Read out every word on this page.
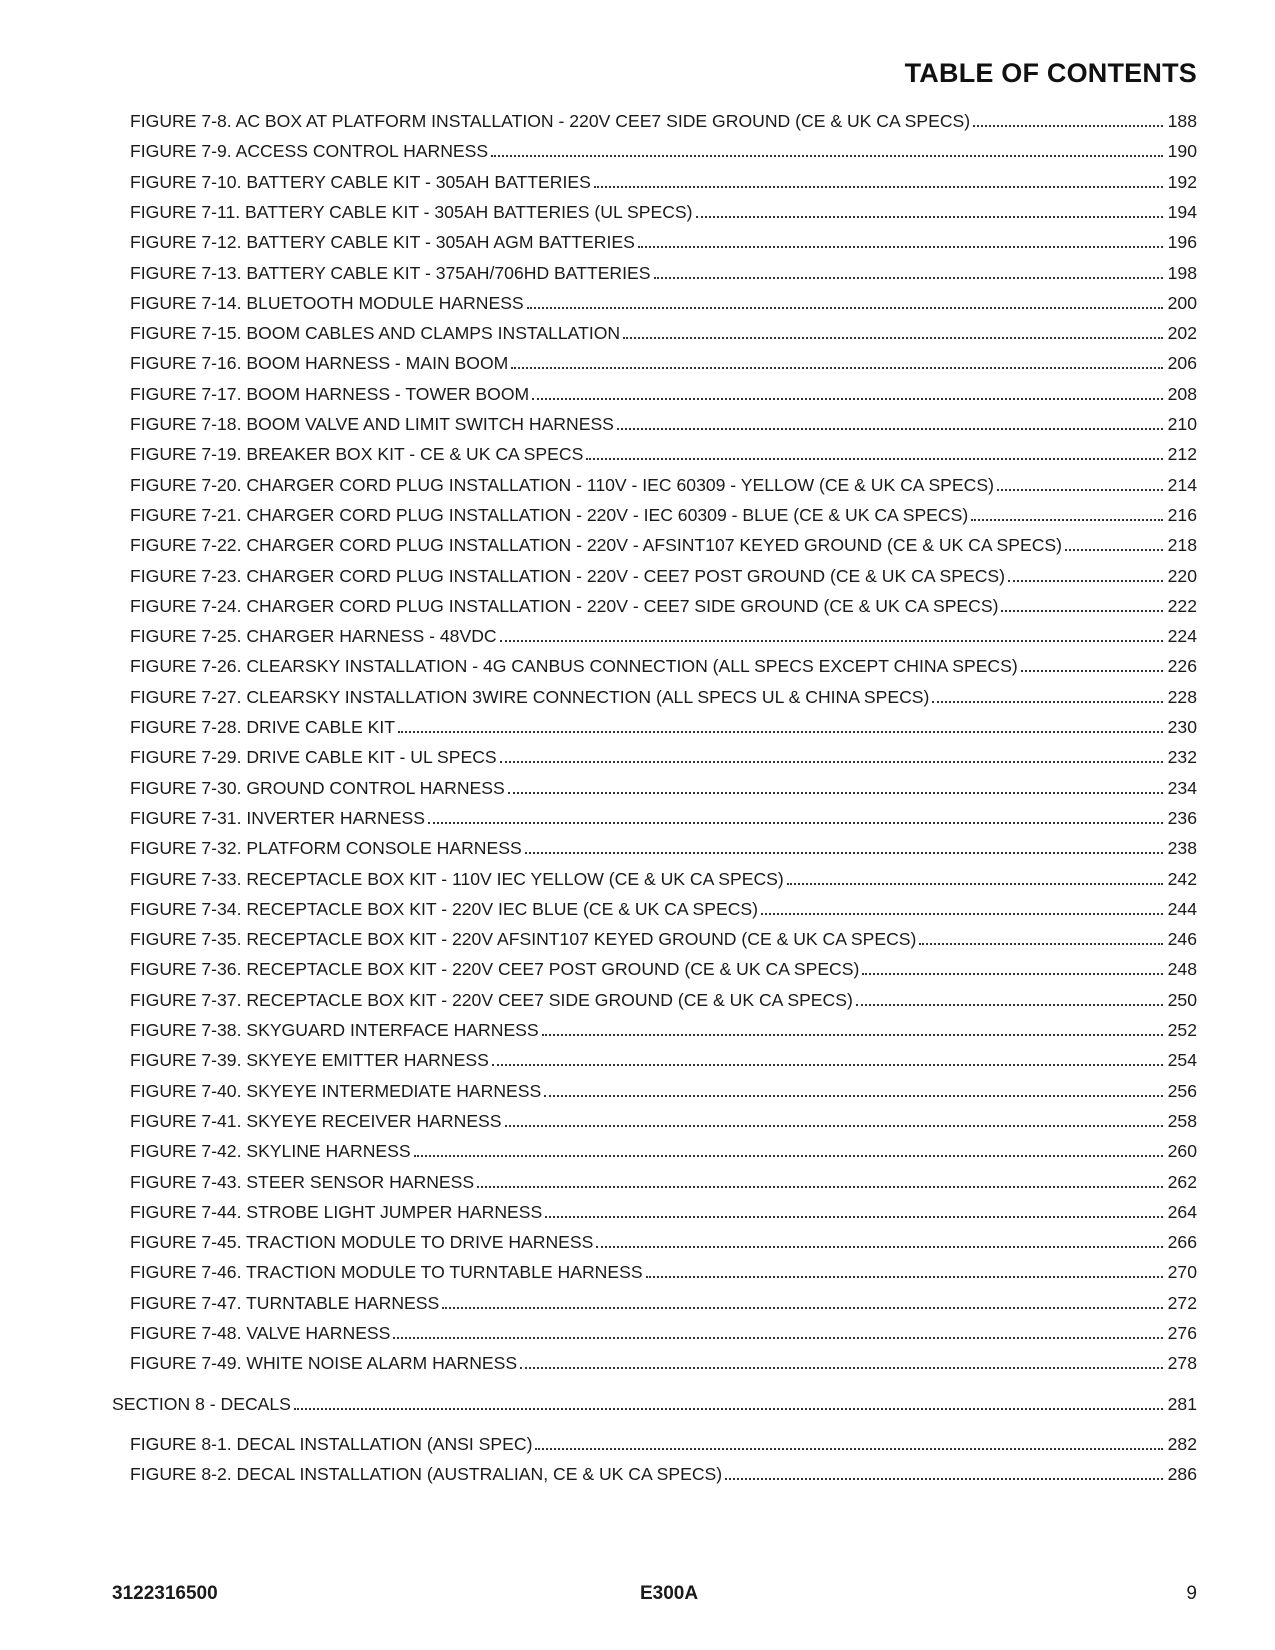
TABLE OF CONTENTS
FIGURE 7-8. AC BOX AT PLATFORM INSTALLATION - 220V CEE7 SIDE GROUND (CE & UK CA SPECS)	188
FIGURE 7-9. ACCESS CONTROL HARNESS	190
FIGURE 7-10. BATTERY CABLE KIT - 305AH BATTERIES	192
FIGURE 7-11. BATTERY CABLE KIT - 305AH BATTERIES (UL SPECS)	194
FIGURE 7-12. BATTERY CABLE KIT - 305AH AGM BATTERIES	196
FIGURE 7-13. BATTERY CABLE KIT - 375AH/706HD BATTERIES	198
FIGURE 7-14. BLUETOOTH MODULE HARNESS	200
FIGURE 7-15. BOOM CABLES AND CLAMPS INSTALLATION	202
FIGURE 7-16. BOOM HARNESS - MAIN BOOM	206
FIGURE 7-17. BOOM HARNESS - TOWER BOOM	208
FIGURE 7-18. BOOM VALVE AND LIMIT SWITCH HARNESS	210
FIGURE 7-19. BREAKER BOX KIT - CE & UK CA SPECS	212
FIGURE 7-20. CHARGER CORD PLUG INSTALLATION - 110V - IEC 60309 - YELLOW (CE & UK CA SPECS)	214
FIGURE 7-21. CHARGER CORD PLUG INSTALLATION - 220V - IEC 60309 - BLUE (CE & UK CA SPECS)	216
FIGURE 7-22. CHARGER CORD PLUG INSTALLATION - 220V - AFSINT107 KEYED GROUND (CE & UK CA SPECS)	218
FIGURE 7-23. CHARGER CORD PLUG INSTALLATION - 220V - CEE7 POST GROUND (CE & UK CA SPECS)	220
FIGURE 7-24. CHARGER CORD PLUG INSTALLATION - 220V - CEE7 SIDE GROUND (CE & UK CA SPECS)	222
FIGURE 7-25. CHARGER HARNESS ‐ 48VDC	224
FIGURE 7-26. CLEARSKY INSTALLATION - 4G CANBUS CONNECTION (ALL SPECS EXCEPT CHINA SPECS)	226
FIGURE 7-27. CLEARSKY INSTALLATION 3WIRE CONNECTION (ALL SPECS UL & CHINA SPECS)	228
FIGURE 7-28. DRIVE CABLE KIT	230
FIGURE 7-29. DRIVE CABLE KIT - UL SPECS	232
FIGURE 7-30. GROUND CONTROL HARNESS	234
FIGURE 7-31. INVERTER HARNESS	236
FIGURE 7-32. PLATFORM CONSOLE HARNESS	238
FIGURE 7-33. RECEPTACLE BOX KIT - 110V IEC YELLOW (CE & UK CA SPECS)	242
FIGURE 7-34. RECEPTACLE BOX KIT - 220V IEC BLUE (CE & UK CA SPECS)	244
FIGURE 7-35. RECEPTACLE BOX KIT - 220V AFSINT107 KEYED GROUND (CE & UK CA SPECS)	246
FIGURE 7-36. RECEPTACLE BOX KIT - 220V CEE7 POST GROUND (CE & UK CA SPECS)	248
FIGURE 7-37. RECEPTACLE BOX KIT - 220V CEE7 SIDE GROUND (CE & UK CA SPECS)	250
FIGURE 7-38. SKYGUARD INTERFACE HARNESS	252
FIGURE 7-39. SKYEYE EMITTER HARNESS	254
FIGURE 7-40. SKYEYE INTERMEDIATE HARNESS	256
FIGURE 7-41. SKYEYE RECEIVER HARNESS	258
FIGURE 7-42. SKYLINE HARNESS	260
FIGURE 7-43. STEER SENSOR HARNESS	262
FIGURE 7-44. STROBE LIGHT JUMPER HARNESS	264
FIGURE 7-45. TRACTION MODULE TO DRIVE HARNESS	266
FIGURE 7-46. TRACTION MODULE TO TURNTABLE HARNESS	270
FIGURE 7-47. TURNTABLE HARNESS	272
FIGURE 7-48. VALVE HARNESS	276
FIGURE 7-49. WHITE NOISE ALARM HARNESS	278
SECTION 8 - DECALS	281
FIGURE 8-1. DECAL INSTALLATION (ANSI SPEC)	282
FIGURE 8-2. DECAL INSTALLATION (AUSTRALIAN, CE & UK CA SPECS)	286
3122316500	E300A	9
